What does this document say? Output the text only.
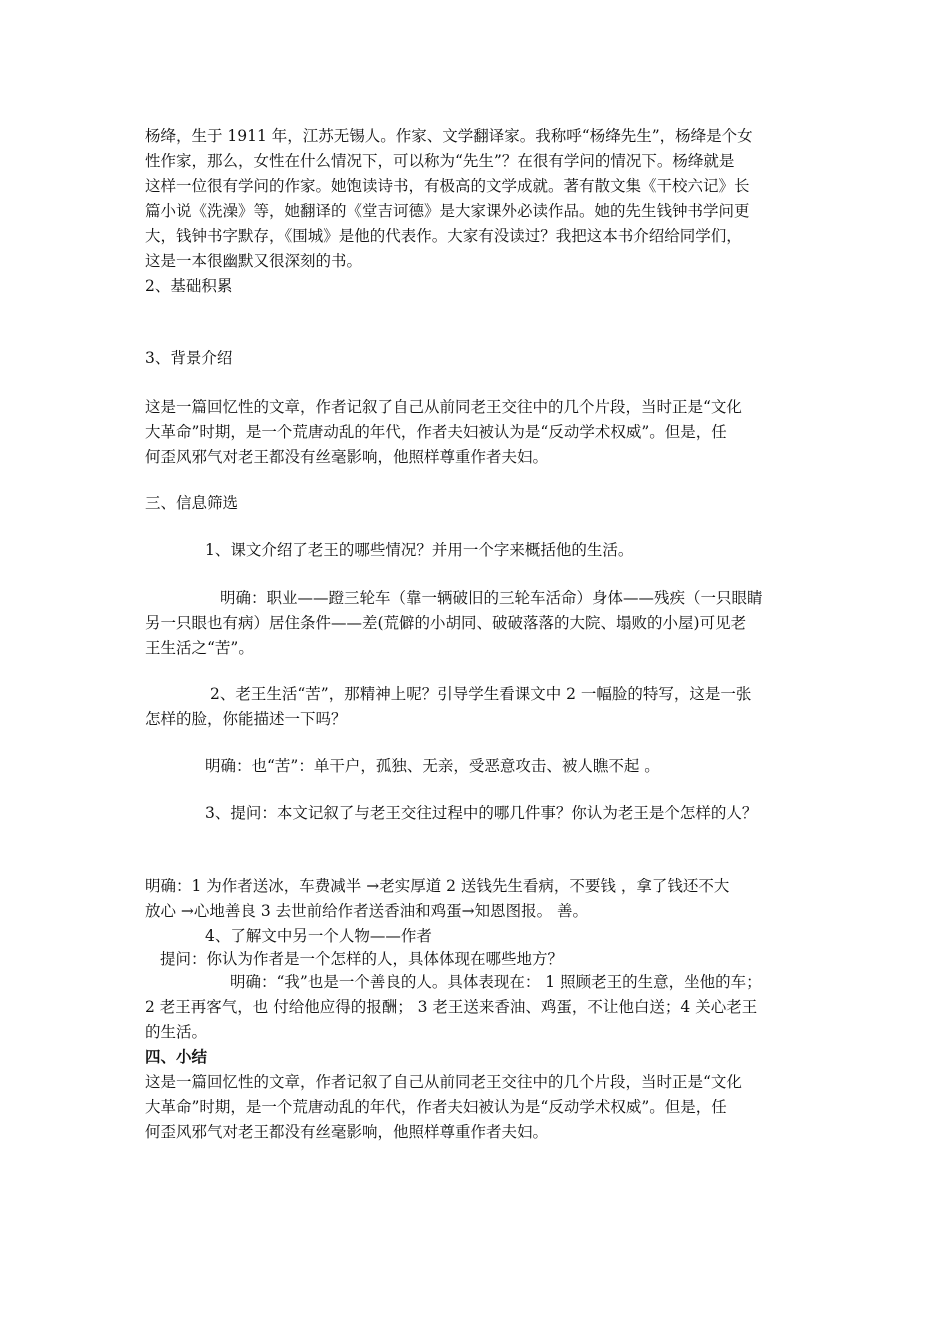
杨绛，生于 1911 年，江苏无锡人。作家、文学翻译家。我称呼“杨绛先生”，杨绛是个女
性作家，那么，女性在什么情况下，可以称为“先生”？在很有学问的情况下。杨绛就是
这样一位很有学问的作家。她饱读诗书，有极高的文学成就。著有散文集《干校六记》长
篇小说《洗澡》等，她翻译的《堂吉诃德》是大家课外必读作品。她的先生钱钟书学问更
大，钱钟书字默存，《围城》是他的代表作。大家有没读过？我把这本书介绍给同学们，
这是一本很幽默又很深刻的书。
2、基础积累
3、背景介绍
这是一篇回忆性的文章，作者记叙了自己从前同老王交往中的几个片段，当时正是“文化
大革命”时期，是一个荒唐动乱的年代，作者夫妇被认为是“反动学术权威”。但是，任
何歪风邪气对老王都没有丝毫影响，他照样尊重作者夫妇。
三、信息筛选
1、课文介绍了老王的哪些情况？并用一个字来概括他的生活。
明确：职业——蹬三轮车（靠一辆破旧的三轮车活命）身体——残疾（一只眼睛
另一只眼也有病）居住条件——差(荒僻的小胡同、破破落落的大院、塌败的小屋)可见老
王生活之“苦”。
2、老王生活“苦”，那精神上呢？引导学生看课文中 2 一幅脸的特写，这是一张
怎样的脸，你能描述一下吗？
明确：也“苦”：单干户，孤独、无亲，受恶意攻击、被人瞧不起 。
3、提问：本文记叙了与老王交往过程中的哪几件事？你认为老王是个怎样的人？
明确：1 为作者送冰，车费减半 →老实厚道 2 送钱先生看病，不要钱 ，拿了钱还不大
放心 →心地善良 3 去世前给作者送香油和鸡蛋→知恩图报。 善。
4、了解文中另一个人物——作者
提问：你认为作者是一个怎样的人，具体体现在哪些地方？
明确：“我”也是一个善良的人。具体表现在： 1 照顾老王的生意，坐他的车；
2 老王再客气，也 付给他应得的报酬； 3 老王送来香油、鸡蛋，不让他白送；4 关心老王
的生活。
四、小结
这是一篇回忆性的文章，作者记叙了自己从前同老王交往中的几个片段，当时正是“文化
大革命”时期，是一个荒唐动乱的年代，作者夫妇被认为是“反动学术权威”。但是，任
何歪风邪气对老王都没有丝毫影响，他照样尊重作者夫妇。
